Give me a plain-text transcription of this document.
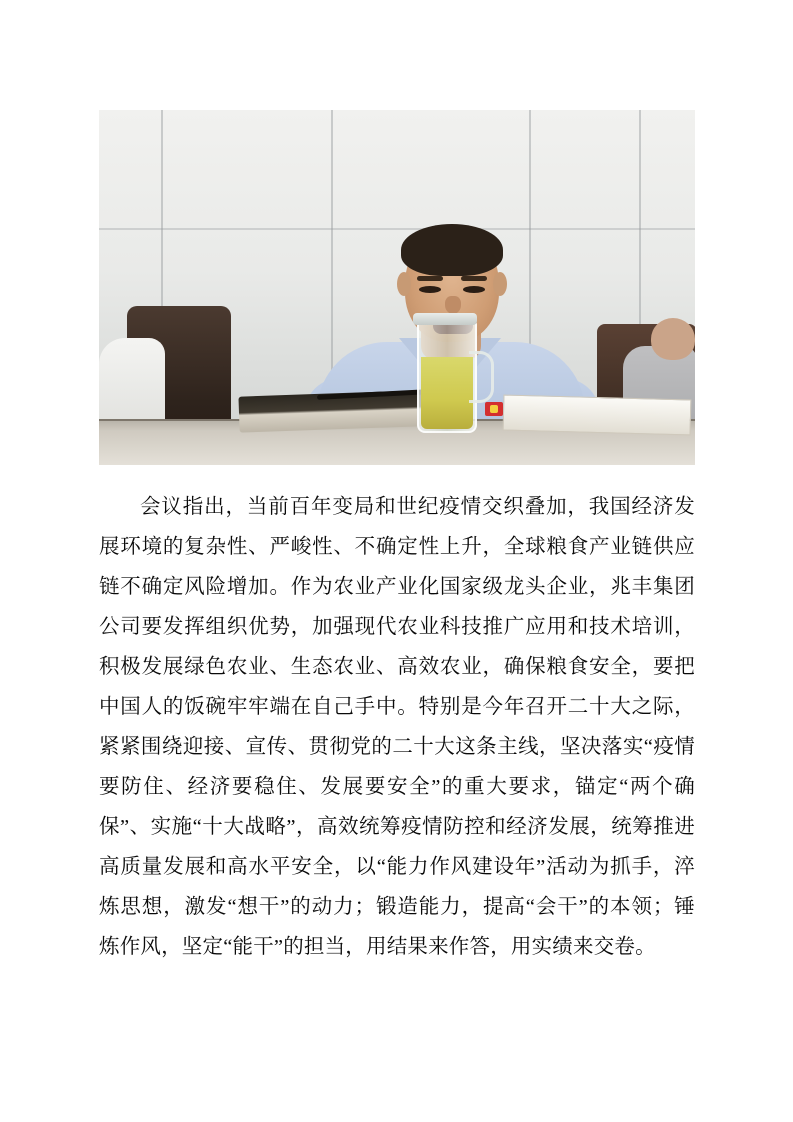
会议指出，当前百年变局和世纪疫情交织叠加，我国经济发展环境的复杂性、严峻性、不确定性上升，全球粮食产业链供应链不确定风险增加。作为农业产业化国家级龙头企业，兆丰集团公司要发挥组织优势，加强现代农业科技推广应用和技术培训，积极发展绿色农业、生态农业、高效农业，确保粮食安全，要把中国人的饭碗牢牢端在自己手中。特别是今年召开二十大之际，紧紧围绕迎接、宣传、贯彻党的二十大这条主线，坚决落实“疫情要防住、经济要稳住、发展要安全”的重大要求，锚定“两个确保”、实施“十大战略”，高效统筹疫情防控和经济发展，统筹推进高质量发展和高水平安全，以“能力作风建设年”活动为抓手，淬炼思想，激发“想干”的动力；锻造能力，提高“会干”的本领；锤炼作风，坚定“能干”的担当，用结果来作答，用实绩来交卷。
